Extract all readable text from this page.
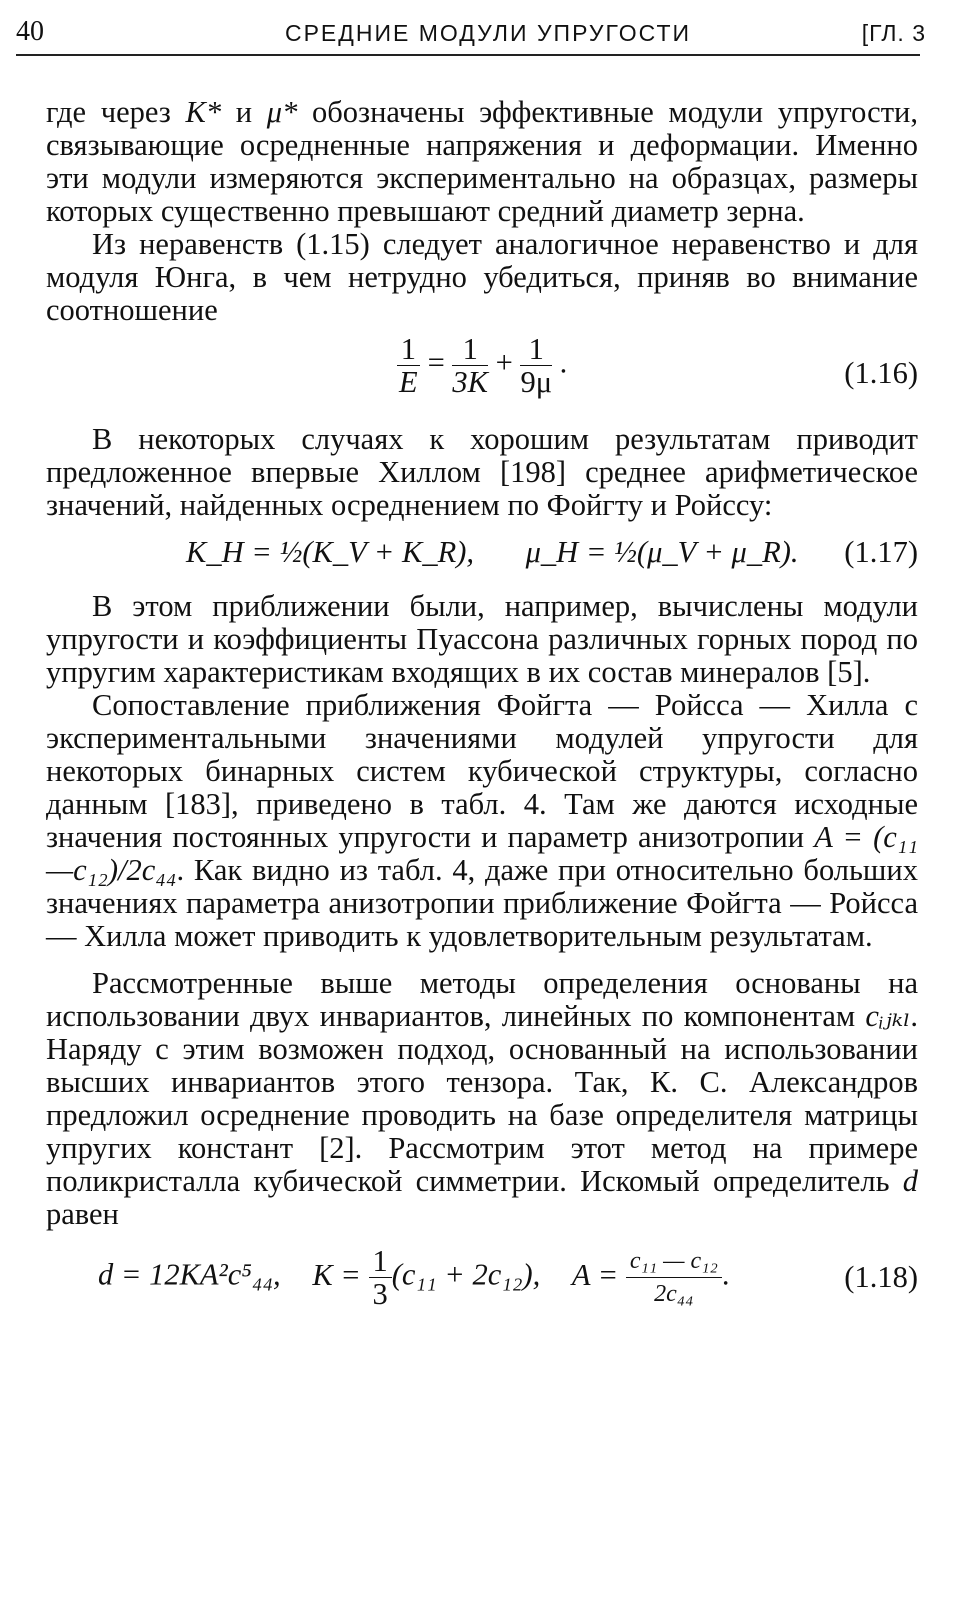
40	СРЕДНИЕ МОДУЛИ УПРУГОСТИ	[ГЛ. 3

где через K* и μ* обозначены эффективные модули упругости, связывающие осредненные напряжения и деформации. Именно эти модули измеряются экспериментально на образцах, размеры которых существенно превышают средний диаметр зерна.

Из неравенств (1.15) следует аналогичное неравенство и для модуля Юнга, в чем нетрудно убедиться, приняв во внимание соотношение

$\frac{1}{E} = \frac{1}{3K} + \frac{1}{9\mu}$ .	(1.16)

В некоторых случаях к хорошим результатам приводит предложенное впервые Хиллом [198] среднее арифметическое значений, найденных осреднением по Фойгту и Ройссу:

K_H = ½(K_V + K_R), μ_H = ½(μ_V + μ_R).	(1.17)

В этом приближении были, например, вычислены модули упругости и коэффициенты Пуассона различных горных пород по упругим характеристикам входящих в их состав минералов [5].

Сопоставление приближения Фойгта — Ройсса — Хилла с экспериментальными значениями модулей упругости для некоторых бинарных систем кубической структуры, согласно данным [183], приведено в табл. 4. Там же даются исходные значения постоянных упругости и параметр анизотропии A = (c₁₁—c₁₂)/2c₄₄. Как видно из табл. 4, даже при относительно больших значениях параметра анизотропии приближение Фойгта — Ройсса — Хилла может приводить к удовлетворительным результатам.

Рассмотренные выше методы определения основаны на использовании двух инвариантов, линейных по компонентам cᵢⱼₖₗ. Наряду с этим возможен подход, основанный на использовании высших инвариантов этого тензора. Так, К. С. Александров предложил осреднение проводить на базе определителя матрицы упругих констант [2]. Рассмотрим этот метод на примере поликристалла кубической симметрии. Искомый определитель d равен

d = 12KA²c⁵₄₄, $K = \frac{1}{3} (c_{11} + 2c_{12})$, $A = \frac{\text{c₁₁ — c₁₂}}{\text{2c₄₄}}$ .	(1.18)
